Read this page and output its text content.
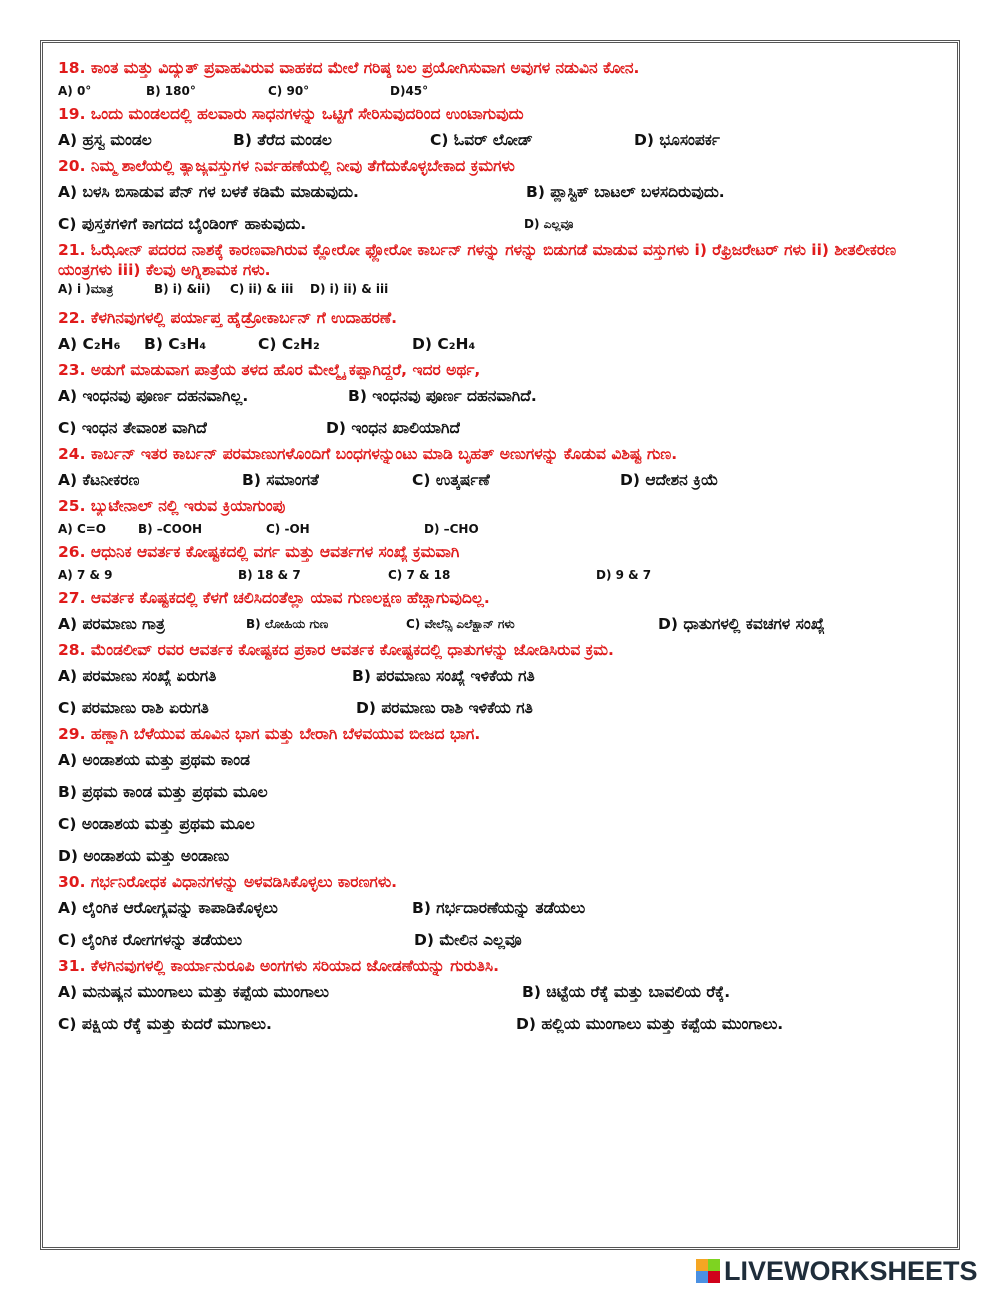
18. ಕಾಂತ ಮತ್ತು ವಿದ್ಯುತ್ ಪ್ರವಾಹವಿರುವ ವಾಹಕದ ಮೇಲೆ ಗರಿಷ್ಠ ಬಲ ಪ್ರಯೋಗಿಸುವಾಗ ಅವುಗಳ ನಡುವಿನ ಕೋನ.

A) 0°	B) 180°	C) 90°	D)45°

19. ಒಂದು ಮಂಡಲದಲ್ಲಿ ಹಲವಾರು ಸಾಧನಗಳನ್ನು ಒಟ್ಟಿಗೆ ಸೇರಿಸುವುದರಿಂದ ಉಂಟಾಗುವುದು

A) ಹ್ರಸ್ವ ಮಂಡಲ	B) ತೆರೆದ ಮಂಡಲ	C) ಓವರ್ ಲೋಡ್	D) ಭೂಸಂಪರ್ಕ

20. ನಿಮ್ಮ ಶಾಲೆಯಲ್ಲಿ ತ್ಯಾಜ್ಯವಸ್ತುಗಳ ನಿರ್ವಹಣೆಯಲ್ಲಿ ನೀವು ತೆಗೆದುಕೊಳ್ಳಬೇಕಾದ ಕ್ರಮಗಳು

A) ಬಳಸಿ ಬಿಸಾಡುವ ಪೆನ್ ಗಳ ಬಳಕೆ ಕಡಿಮೆ ಮಾಡುವುದು.	B) ಪ್ಲಾಸ್ಟಿಕ್ ಬಾಟಲ್ ಬಳಸದಿರುವುದು.
C) ಪುಸ್ತಕಗಳಿಗೆ ಕಾಗದದ ಬೈಂಡಿಂಗ್ ಹಾಕುವುದು.	D) ಎಲ್ಲವೂ

21. ಓಝೋನ್ ಪದರದ ನಾಶಕ್ಕೆ ಕಾರಣವಾಗಿರುವ ಕ್ಲೋರೋ ಫ್ಲೋರೋ ಕಾರ್ಬನ್ ಗಳನ್ನು ಗಳನ್ನು ಬಿಡುಗಡೆ ಮಾಡುವ ವಸ್ತುಗಳು i) ರೆಫ್ರಿಜರೇಟರ್ ಗಳು ii) ಶೀತಲೀಕರಣ ಯಂತ್ರಗಳು iii) ಕೆಲವು ಅಗ್ನಿಶಾಮಕ ಗಳು.

A) i )ಮಾತ್ರ	B) i) &ii) C) ii) & iii D) i) ii) & iii

22. ಕೆಳಗಿನವುಗಳಲ್ಲಿ ಪರ್ಯಾಪ್ತ ಹೈಡ್ರೋಕಾರ್ಬನ್ ಗೆ ಉದಾಹರಣೆ.

A) C₂H₆ B) C₃H₄	C) C₂H₂	D) C₂H₄

23. ಅಡುಗೆ ಮಾಡುವಾಗ ಪಾತ್ರೆಯ ತಳದ ಹೊರ ಮೇಲ್ಮೈ ಕಪ್ಪಾಗಿದ್ದರೆ, ಇದರ ಅರ್ಥ,

A) ಇಂಧನವು ಪೂರ್ಣ ದಹನವಾಗಿಲ್ಲ.	B) ಇಂಧನವು ಪೂರ್ಣ ದಹನವಾಗಿದೆ.
C) ಇಂಧನ ತೇವಾಂಶ ವಾಗಿದೆ	D) ಇಂಧನ ಖಾಲಿಯಾಗಿದೆ

24. ಕಾರ್ಬನ್ ಇತರ ಕಾರ್ಬನ್ ಪರಮಾಣುಗಳೊಂದಿಗೆ ಬಂಧಗಳನ್ನುಂಟು ಮಾಡಿ ಬೃಹತ್ ಅಣುಗಳನ್ನು ಕೊಡುವ ವಿಶಿಷ್ಟ ಗುಣ.

A) ಕೆಟನೀಕರಣ	B) ಸಮಾಂಗತೆ	C) ಉತ್ಕರ್ಷಣೆ	D) ಆದೇಶನ ಕ್ರಿಯೆ

25. ಬ್ಯುಟೇನಾಲ್ ನಲ್ಲಿ ಇರುವ ಕ್ರಿಯಾಗುಂಪು

A) C=O	B) –COOH	C) -OH	D) –CHO

26. ಆಧುನಿಕ ಆವರ್ತಕ ಕೋಷ್ಟಕದಲ್ಲಿ ವರ್ಗ ಮತ್ತು ಆವರ್ತಗಳ ಸಂಖ್ಯೆ ಕ್ರಮವಾಗಿ

A) 7 & 9	B) 18 & 7	C) 7 & 18	D) 9 & 7

27. ಆವರ್ತಕ ಕೊಷ್ಟಕದಲ್ಲಿ ಕೆಳಗೆ ಚಲಿಸಿದಂತೆಲ್ಲಾ ಯಾವ ಗುಣಲಕ್ಷಣ ಹೆಚ್ಚಾಗುವುದಿಲ್ಲ.

A) ಪರಮಾಣು ಗಾತ್ರ	B) ಲೋಹಿಯ ಗುಣ	C) ವೇಲೆನ್ಸಿ ಎಲೆಕ್ಟ್ರಾನ್ ಗಳು	D) ಧಾತುಗಳಲ್ಲಿ ಕವಚಗಳ ಸಂಖ್ಯೆ

28. ಮೆಂಡಲೀವ್ ರವರ ಆವರ್ತಕ ಕೋಷ್ಟಕದ ಪ್ರಕಾರ ಆವರ್ತಕ ಕೋಷ್ಟಕದಲ್ಲಿ ಧಾತುಗಳನ್ನು ಜೋಡಿಸಿರುವ ಕ್ರಮ.

A) ಪರಮಾಣು ಸಂಖ್ಯೆ ಏರುಗತಿ	B) ಪರಮಾಣು ಸಂಖ್ಯೆ ಇಳಿಕೆಯ ಗತಿ
C) ಪರಮಾಣು ರಾಶಿ ಏರುಗತಿ	D) ಪರಮಾಣು ರಾಶಿ ಇಳಿಕೆಯ ಗತಿ

29. ಹಣ್ಣಾಗಿ ಬೆಳೆಯುವ ಹೂವಿನ ಭಾಗ ಮತ್ತು ಬೇರಾಗಿ ಬೆಳವಯುವ ಬೀಜದ ಭಾಗ.

A) ಅಂಡಾಶಯ ಮತ್ತು ಪ್ರಥಮ ಕಾಂಡ
B) ಪ್ರಥಮ ಕಾಂಡ ಮತ್ತು ಪ್ರಥಮ ಮೂಲ
C) ಅಂಡಾಶಯ ಮತ್ತು ಪ್ರಥಮ ಮೂಲ
D) ಅಂಡಾಶಯ ಮತ್ತು ಅಂಡಾಣು

30. ಗರ್ಭನಿರೋಧಕ ವಿಧಾನಗಳನ್ನು ಅಳವಡಿಸಿಕೊಳ್ಳಲು ಕಾರಣಗಳು.

A) ಲೈಂಗಿಕ ಆರೋಗ್ಯವನ್ನು ಕಾಪಾಡಿಕೊಳ್ಳಲು	B) ಗರ್ಭದಾರಣೆಯನ್ನು ತಡೆಯಲು
C) ಲೈಂಗಿಕ ರೋಗಗಳನ್ನು ತಡೆಯಲು	D) ಮೇಲಿನ ಎಲ್ಲವೂ

31. ಕೆಳಗಿನವುಗಳಲ್ಲಿ ಕಾರ್ಯಾನುರೂಪಿ ಅಂಗಗಳು ಸರಿಯಾದ ಜೋಡಣೆಯನ್ನು ಗುರುತಿಸಿ.

A) ಮನುಷ್ಯನ ಮುಂಗಾಲು ಮತ್ತು ಕಪ್ಪೆಯ ಮುಂಗಾಲು	B) ಚಿಟ್ಟೆಯ ರೆಕ್ಕೆ ಮತ್ತು ಬಾವಲಿಯ ರೆಕ್ಕೆ.
C) ಪಕ್ಷಿಯ ರೆಕ್ಕೆ ಮತ್ತು ಕುದರೆ ಮುಗಾಲು.	D) ಹಲ್ಲಿಯ ಮುಂಗಾಲು ಮತ್ತು ಕಪ್ಪೆಯ ಮುಂಗಾಲು.
LIVEWORKSHEETS
